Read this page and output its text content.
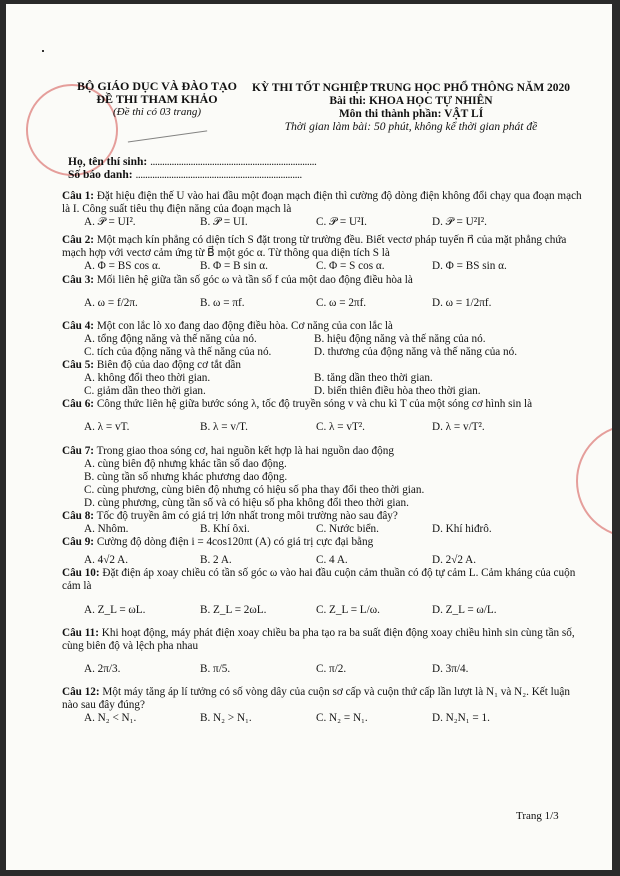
BỘ GIÁO DỤC VÀ ĐÀO TẠO
ĐỀ THI THAM KHẢO
(Đề thi có 03 trang)
KỲ THI TỐT NGHIỆP TRUNG HỌC PHỔ THÔNG NĂM 2020
Bài thi: KHOA HỌC TỰ NHIÊN
Môn thi thành phần: VẬT LÍ
Thời gian làm bài: 50 phút, không kể thời gian phát đề
Họ, tên thí sinh: ......................................................................
Số báo danh: ......................................................................

Câu 1: Đặt hiệu điện thế U vào hai đầu một đoạn mạch điện thì cường độ dòng điện không đổi chạy qua đoạn mạch là I. Công suất tiêu thụ điện năng của đoạn mạch là

A. 𝒫 = UI².	B. 𝒫 = UI.	C. 𝒫 = U²I.	D. 𝒫 = U²I².

Câu 2: Một mạch kín phẳng có diện tích S đặt trong từ trường đều. Biết vectơ pháp tuyến n⃗ của mặt phẳng chứa mạch hợp với vectơ cảm ứng từ B⃗ một góc α. Từ thông qua diện tích S là

A. Φ = BS cos α.	B. Φ = B sin α.	C. Φ = S cos α.	D. Φ = BS sin α.

Câu 3: Mối liên hệ giữa tần số góc ω và tần số f của một dao động điều hòa là

A. ω = f/2π.	B. ω = πf.	C. ω = 2πf.	D. ω = 1/2πf.

Câu 4: Một con lắc lò xo đang dao động điều hòa. Cơ năng của con lắc là

A. tổng động năng và thế năng của nó.	B. hiệu động năng và thế năng của nó.
C. tích của động năng và thế năng của nó.	D. thương của động năng và thế năng của nó.

Câu 5: Biên độ của dao động cơ tắt dần

A. không đổi theo thời gian.	B. tăng dần theo thời gian.
C. giảm dần theo thời gian.	D. biến thiên điều hòa theo thời gian.

Câu 6: Công thức liên hệ giữa bước sóng λ, tốc độ truyền sóng v và chu kì T của một sóng cơ hình sin là

A. λ = vT.	B. λ = v/T.	C. λ = vT².	D. λ = v/T².

Câu 7: Trong giao thoa sóng cơ, hai nguồn kết hợp là hai nguồn dao động

A. cùng biên độ nhưng khác tần số dao động.
B. cùng tần số nhưng khác phương dao động.
C. cùng phương, cùng biên độ nhưng có hiệu số pha thay đổi theo thời gian.
D. cùng phương, cùng tần số và có hiệu số pha không đổi theo thời gian.

Câu 8: Tốc độ truyền âm có giá trị lớn nhất trong môi trường nào sau đây?

A. Nhôm.	B. Khí ôxi.	C. Nước biển.	D. Khí hiđrô.

Câu 9: Cường độ dòng điện i = 4cos120πt (A) có giá trị cực đại bằng

A. 4√2 A.	B. 2 A.	C. 4 A.	D. 2√2 A.

Câu 10: Đặt điện áp xoay chiều có tần số góc ω vào hai đầu cuộn cảm thuần có độ tự cảm L. Cảm kháng của cuộn cảm là

A. Z_L = ωL.	B. Z_L = 2ωL.	C. Z_L = L/ω.	D. Z_L = ω/L.

Câu 11: Khi hoạt động, máy phát điện xoay chiều ba pha tạo ra ba suất điện động xoay chiều hình sin cùng tần số, cùng biên độ và lệch pha nhau

A. 2π/3.	B. π/5.	C. π/2.	D. 3π/4.

Câu 12: Một máy tăng áp lí tưởng có số vòng dây của cuộn sơ cấp và cuộn thứ cấp lần lượt là N₁ và N₂. Kết luận nào sau đây đúng?

A. N₂ < N₁.	B. N₂ > N₁.	C. N₂ = N₁.	D. N₂N₁ = 1.
Trang 1/3
